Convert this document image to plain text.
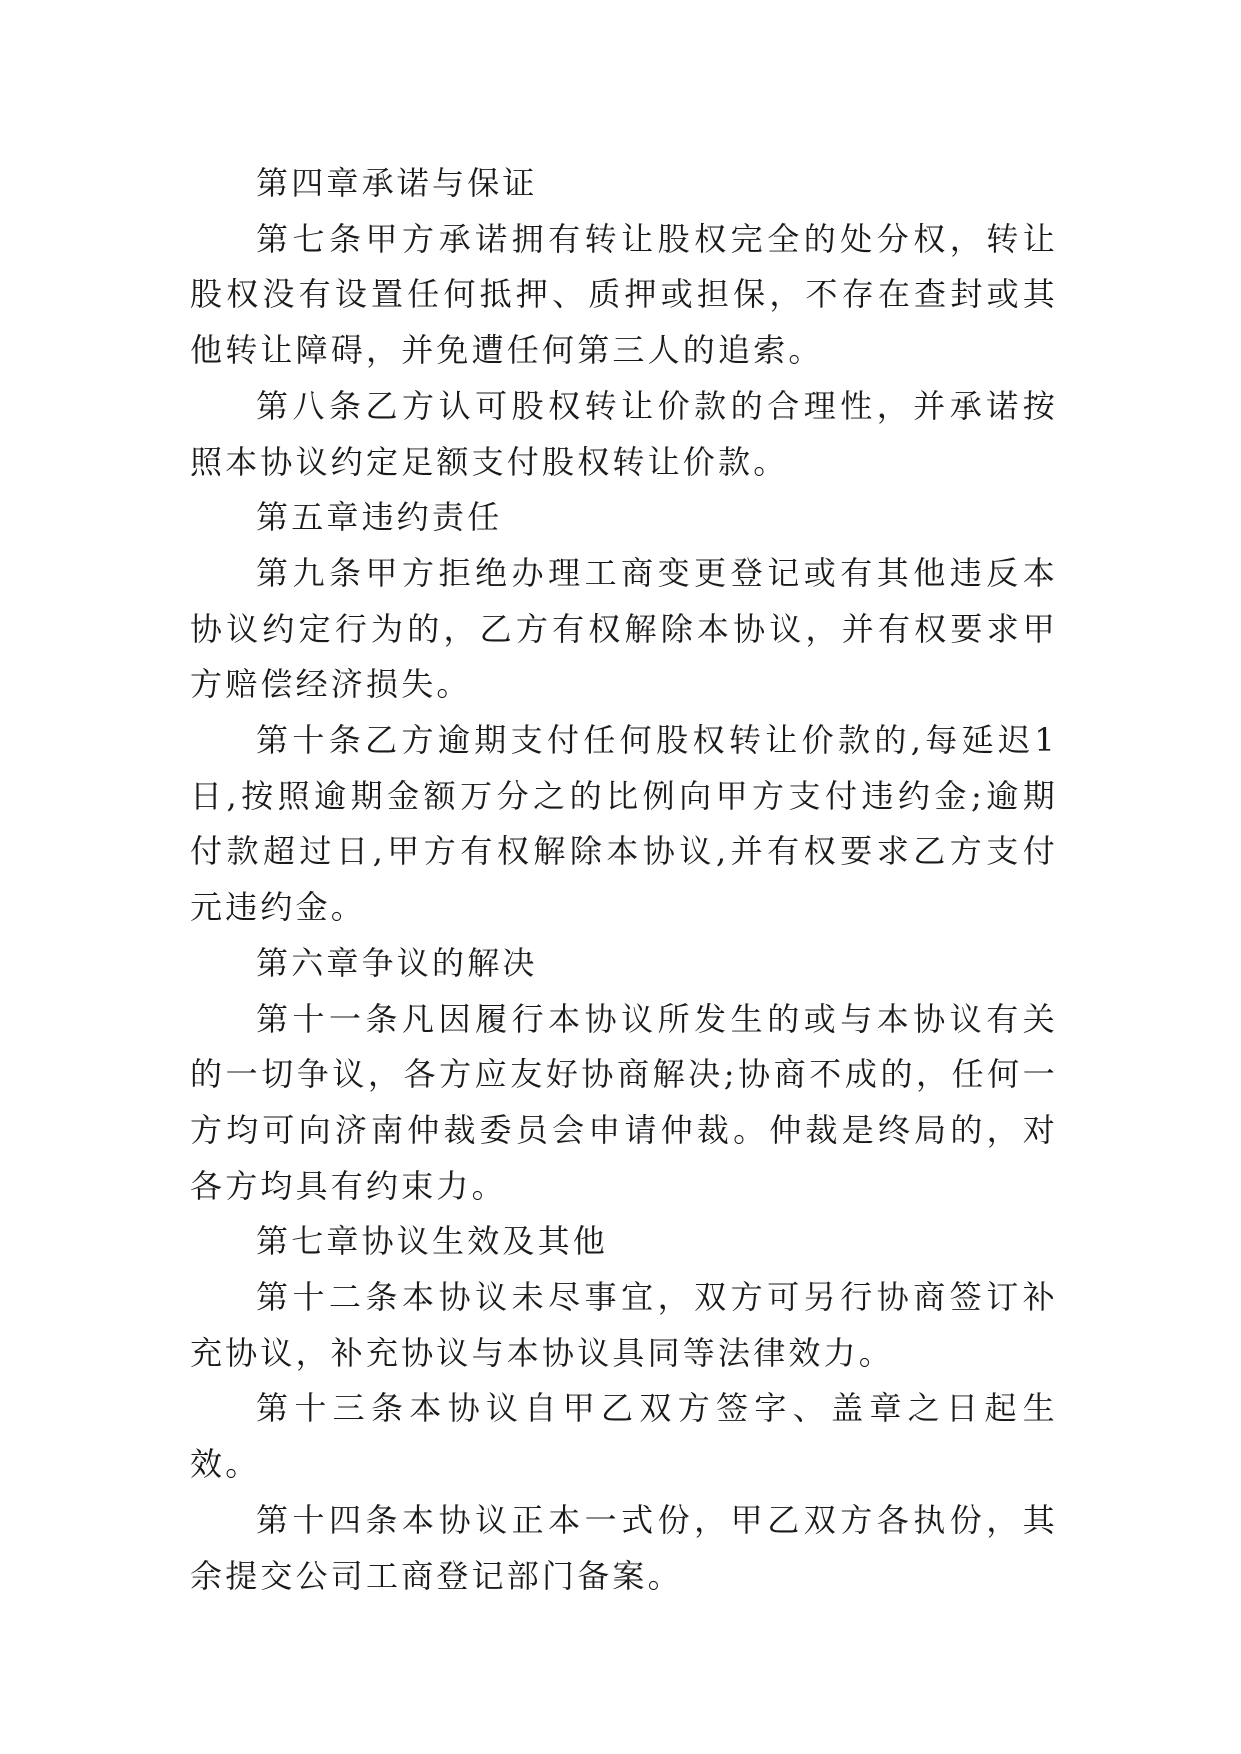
第四章承诺与保证

第七条甲方承诺拥有转让股权完全的处分权，转让股权没有设置任何抵押、质押或担保，不存在查封或其他转让障碍，并免遭任何第三人的追索。

第八条乙方认可股权转让价款的合理性，并承诺按照本协议约定足额支付股权转让价款。

第五章违约责任

第九条甲方拒绝办理工商变更登记或有其他违反本协议约定行为的，乙方有权解除本协议，并有权要求甲方赔偿经济损失。

第十条乙方逾期支付任何股权转让价款的,每延迟1日,按照逾期金额万分之的比例向甲方支付违约金;逾期付款超过日,甲方有权解除本协议,并有权要求乙方支付元违约金。

第六章争议的解决

第十一条凡因履行本协议所发生的或与本协议有关的一切争议，各方应友好协商解决;协商不成的，任何一方均可向济南仲裁委员会申请仲裁。仲裁是终局的，对各方均具有约束力。

第七章协议生效及其他

第十二条本协议未尽事宜，双方可另行协商签订补充协议，补充协议与本协议具同等法律效力。

第十三条本协议自甲乙双方签字、盖章之日起生效。

第十四条本协议正本一式份，甲乙双方各执份，其余提交公司工商登记部门备案。
